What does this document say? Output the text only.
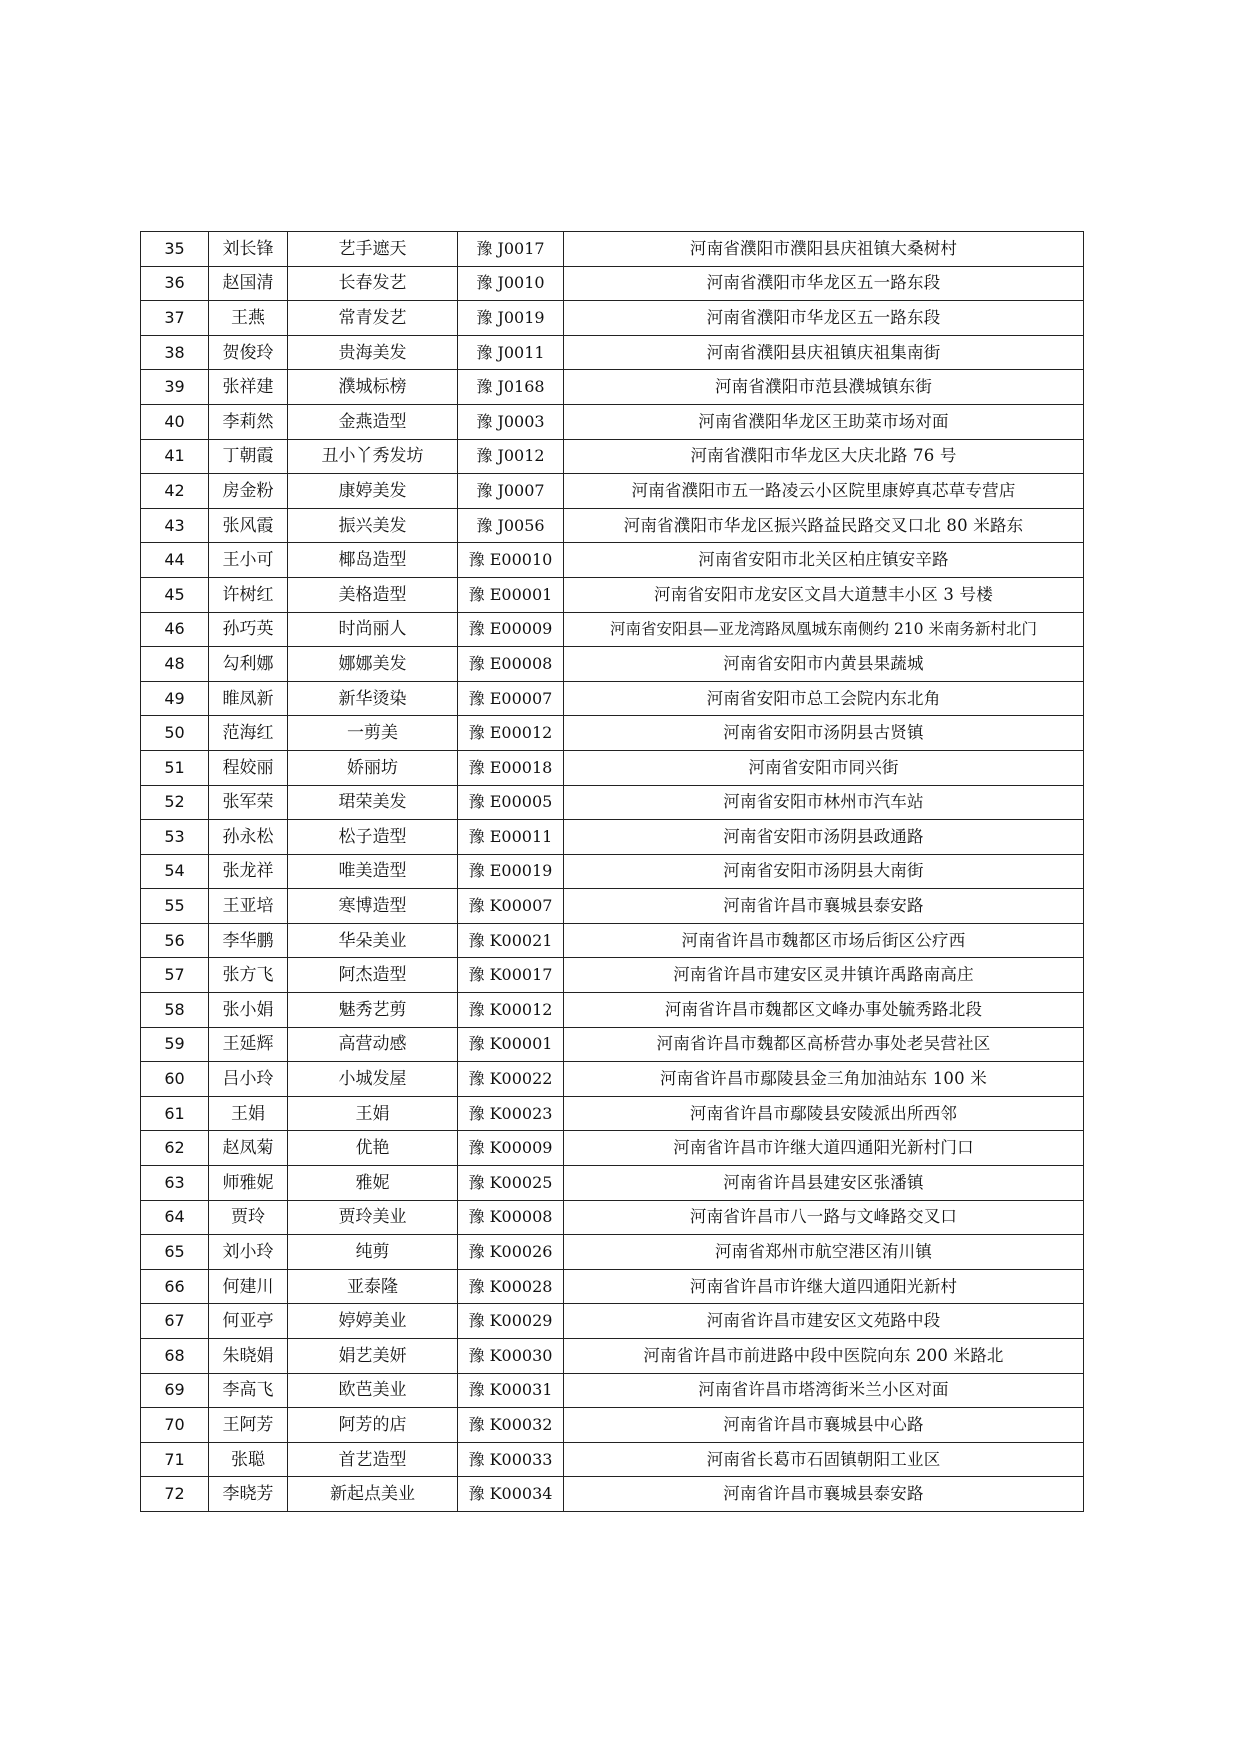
35	刘长锋	艺手遮天	豫 J0017	河南省濮阳市濮阳县庆祖镇大桑树村
36	赵国清	长春发艺	豫 J0010	河南省濮阳市华龙区五一路东段
37	王燕	常青发艺	豫 J0019	河南省濮阳市华龙区五一路东段
38	贺俊玲	贵海美发	豫 J0011	河南省濮阳县庆祖镇庆祖集南街
39	张祥建	濮城标榜	豫 J0168	河南省濮阳市范县濮城镇东街
40	李莉然	金燕造型	豫 J0003	河南省濮阳华龙区王助菜市场对面
41	丁朝霞	丑小丫秀发坊	豫 J0012	河南省濮阳市华龙区大庆北路 76 号
42	房金粉	康婷美发	豫 J0007	河南省濮阳市五一路凌云小区院里康婷真芯草专营店
43	张风霞	振兴美发	豫 J0056	河南省濮阳市华龙区振兴路益民路交叉口北 80 米路东
44	王小可	椰岛造型	豫 E00010	河南省安阳市北关区柏庄镇安辛路
45	许树红	美格造型	豫 E00001	河南省安阳市龙安区文昌大道慧丰小区 3 号楼
46	孙巧英	时尚丽人	豫 E00009	河南省安阳县—亚龙湾路凤凰城东南侧约 210 米南务新村北门
48	勾利娜	娜娜美发	豫 E00008	河南省安阳市内黄县果蔬城
49	睢凤新	新华烫染	豫 E00007	河南省安阳市总工会院内东北角
50	范海红	一剪美	豫 E00012	河南省安阳市汤阴县古贤镇
51	程姣丽	娇丽坊	豫 E00018	河南省安阳市同兴街
52	张军荣	珺荣美发	豫 E00005	河南省安阳市林州市汽车站
53	孙永松	松子造型	豫 E00011	河南省安阳市汤阴县政通路
54	张龙祥	唯美造型	豫 E00019	河南省安阳市汤阴县大南街
55	王亚培	寒博造型	豫 K00007	河南省许昌市襄城县泰安路
56	李华鹏	华朵美业	豫 K00021	河南省许昌市魏都区市场后街区公疗西
57	张方飞	阿杰造型	豫 K00017	河南省许昌市建安区灵井镇许禹路南高庄
58	张小娟	魅秀艺剪	豫 K00012	河南省许昌市魏都区文峰办事处毓秀路北段
59	王延辉	高营动感	豫 K00001	河南省许昌市魏都区高桥营办事处老吴营社区
60	吕小玲	小城发屋	豫 K00022	河南省许昌市鄢陵县金三角加油站东 100 米
61	王娟	王娟	豫 K00023	河南省许昌市鄢陵县安陵派出所西邻
62	赵凤菊	优艳	豫 K00009	河南省许昌市许继大道四通阳光新村门口
63	师雅妮	雅妮	豫 K00025	河南省许昌县建安区张潘镇
64	贾玲	贾玲美业	豫 K00008	河南省许昌市八一路与文峰路交叉口
65	刘小玲	纯剪	豫 K00026	河南省郑州市航空港区洧川镇
66	何建川	亚泰隆	豫 K00028	河南省许昌市许继大道四通阳光新村
67	何亚亭	婷婷美业	豫 K00029	河南省许昌市建安区文苑路中段
68	朱晓娟	娟艺美妍	豫 K00030	河南省许昌市前进路中段中医院向东 200 米路北
69	李高飞	欧芭美业	豫 K00031	河南省许昌市塔湾街米兰小区对面
70	王阿芳	阿芳的店	豫 K00032	河南省许昌市襄城县中心路
71	张聪	首艺造型	豫 K00033	河南省长葛市石固镇朝阳工业区
72	李晓芳	新起点美业	豫 K00034	河南省许昌市襄城县泰安路
